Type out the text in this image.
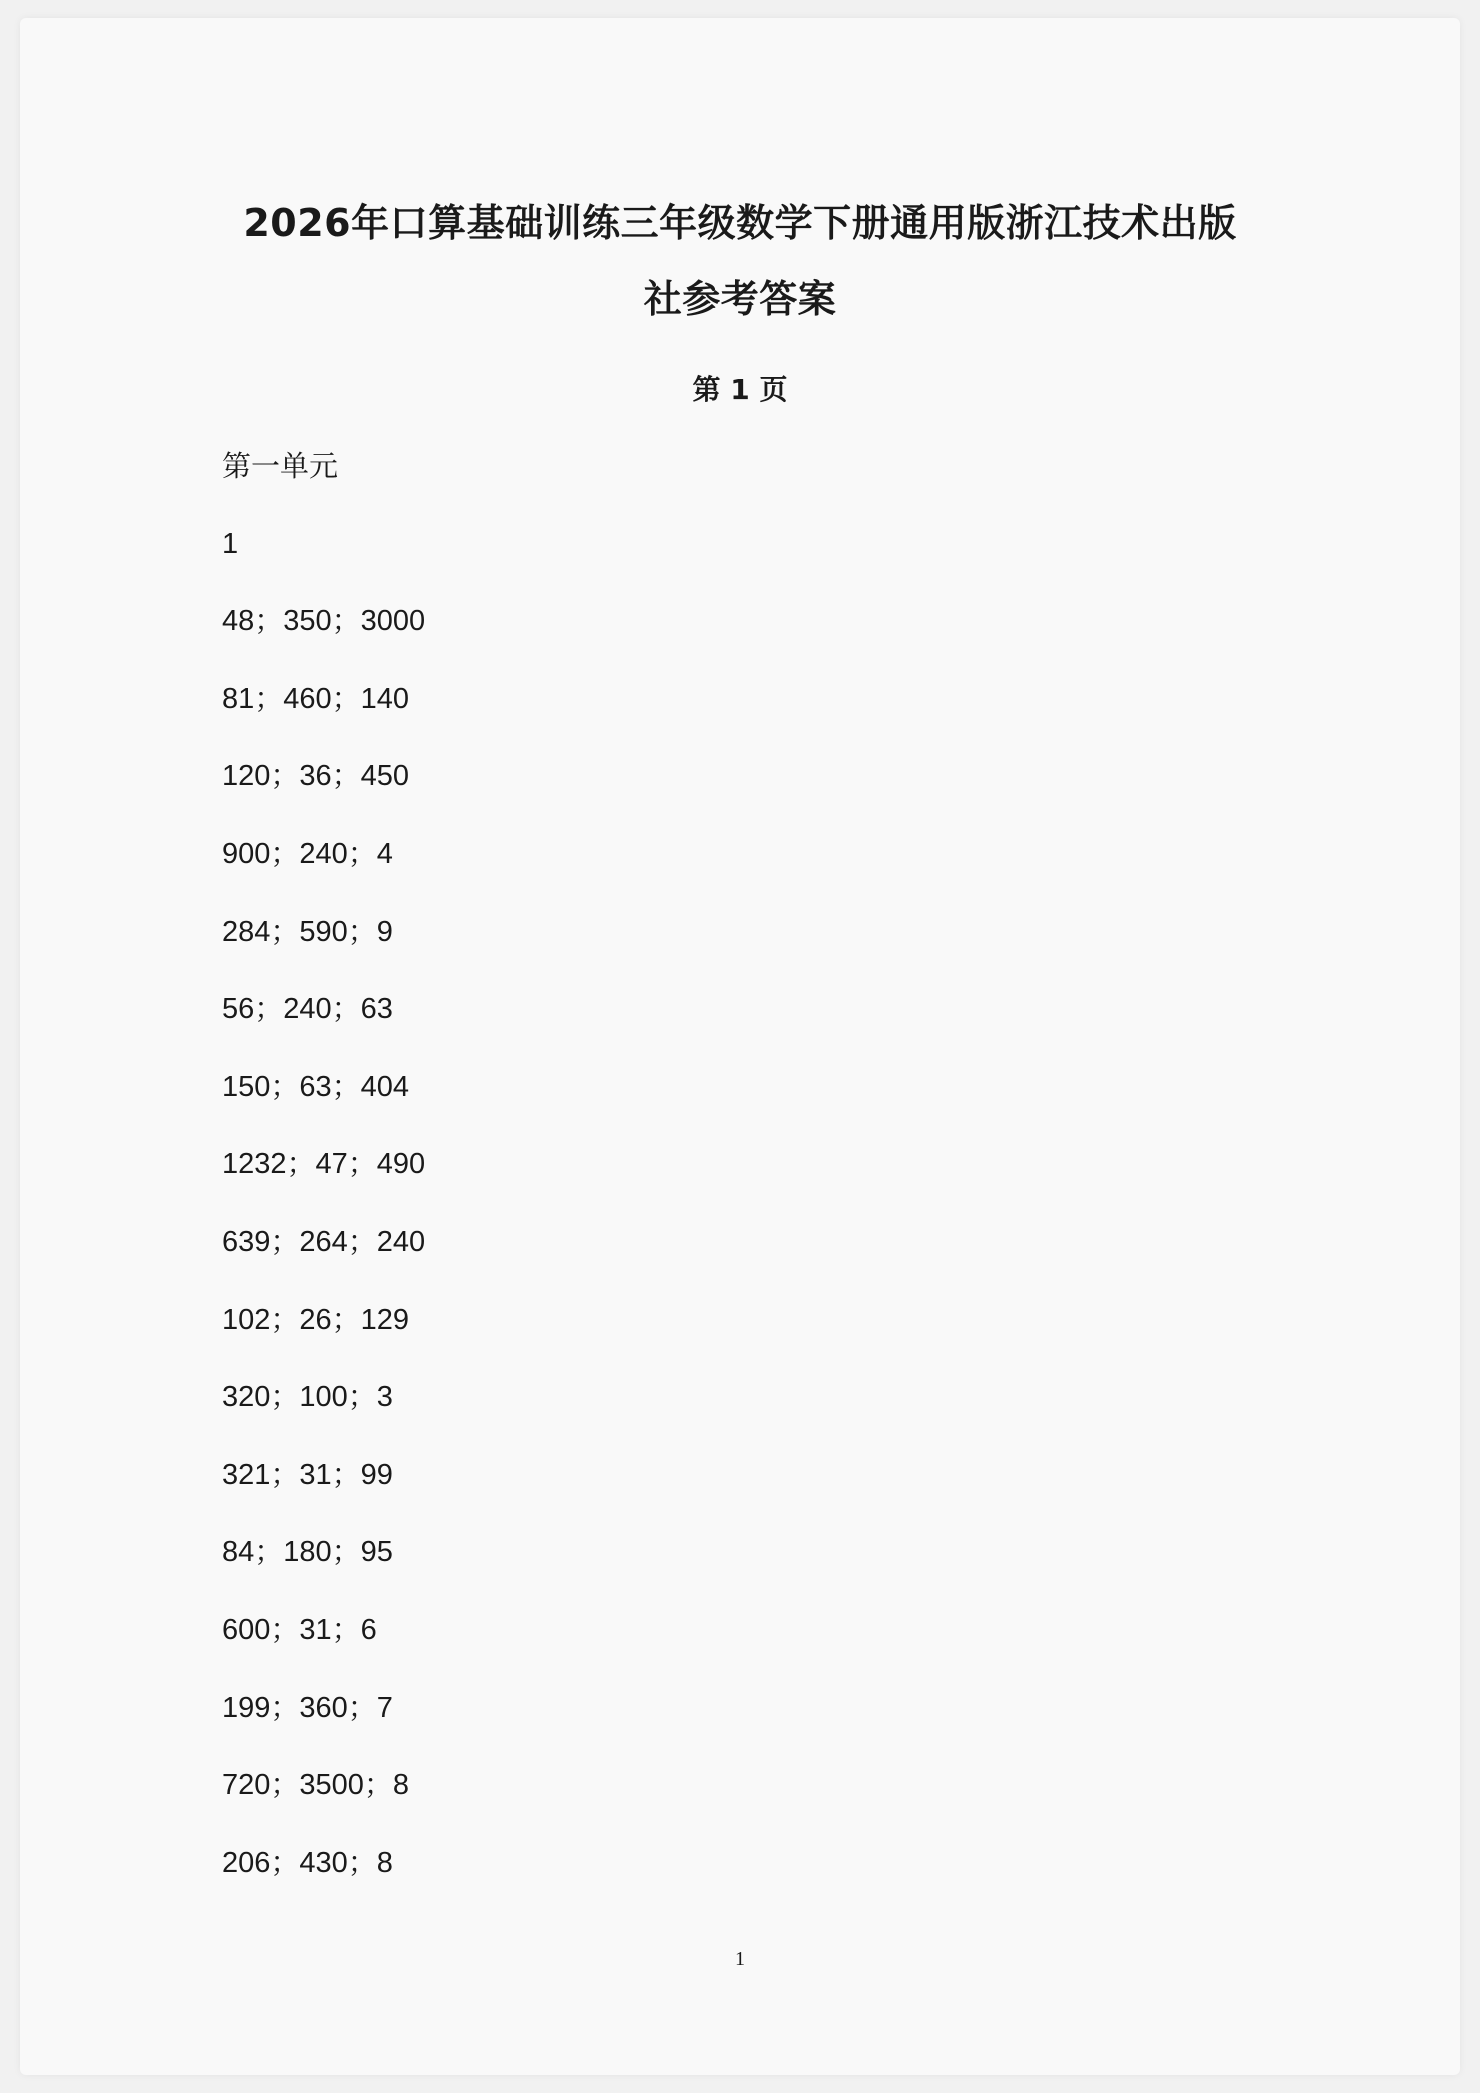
2026年口算基础训练三年级数学下册通用版浙江技术出版
社参考答案
第 1 页
第一单元
1
48；350；3000
81；460；140
120；36；450
900；240；4
284；590；9
56；240；63
150；63；404
1232；47；490
639；264；240
102；26；129
320；100；3
321；31；99
84；180；95
600；31；6
199；360；7
720；3500；8
206；430；8
1
